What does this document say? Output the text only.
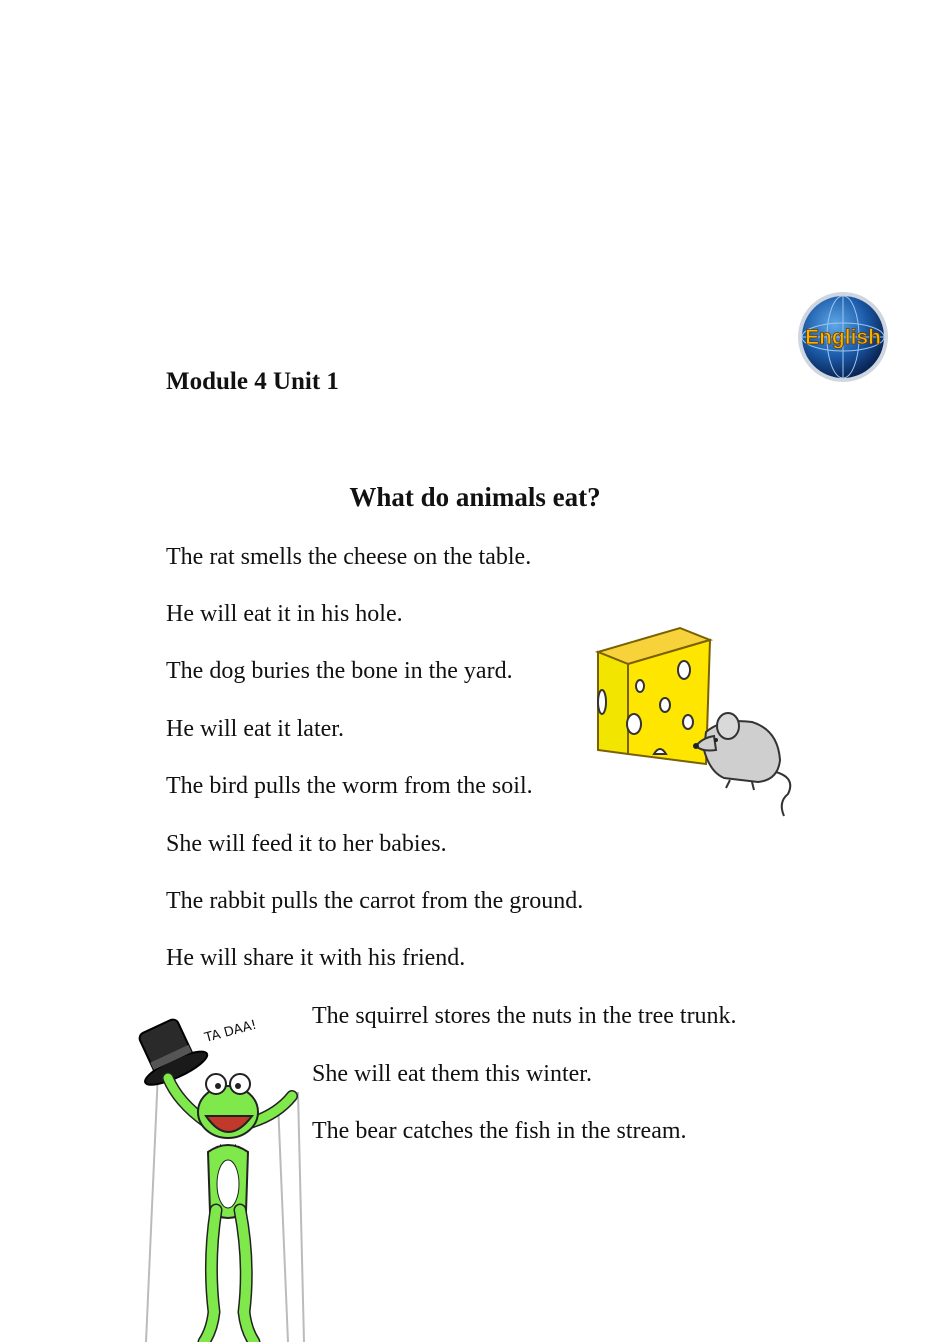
English

Module 4 Unit 1

What do animals eat?

The rat smells the cheese on the table.

He will eat it in his hole.

The dog buries the bone in the yard.

He will eat it later.

The bird pulls the worm from the soil.

She will feed it to her babies.

The rabbit pulls the carrot from the ground.

He will share it with his friend.

The squirrel stores the nuts in the tree trunk.

She will eat them this winter.

The bear catches the fish in the stream.

TA DAA!
